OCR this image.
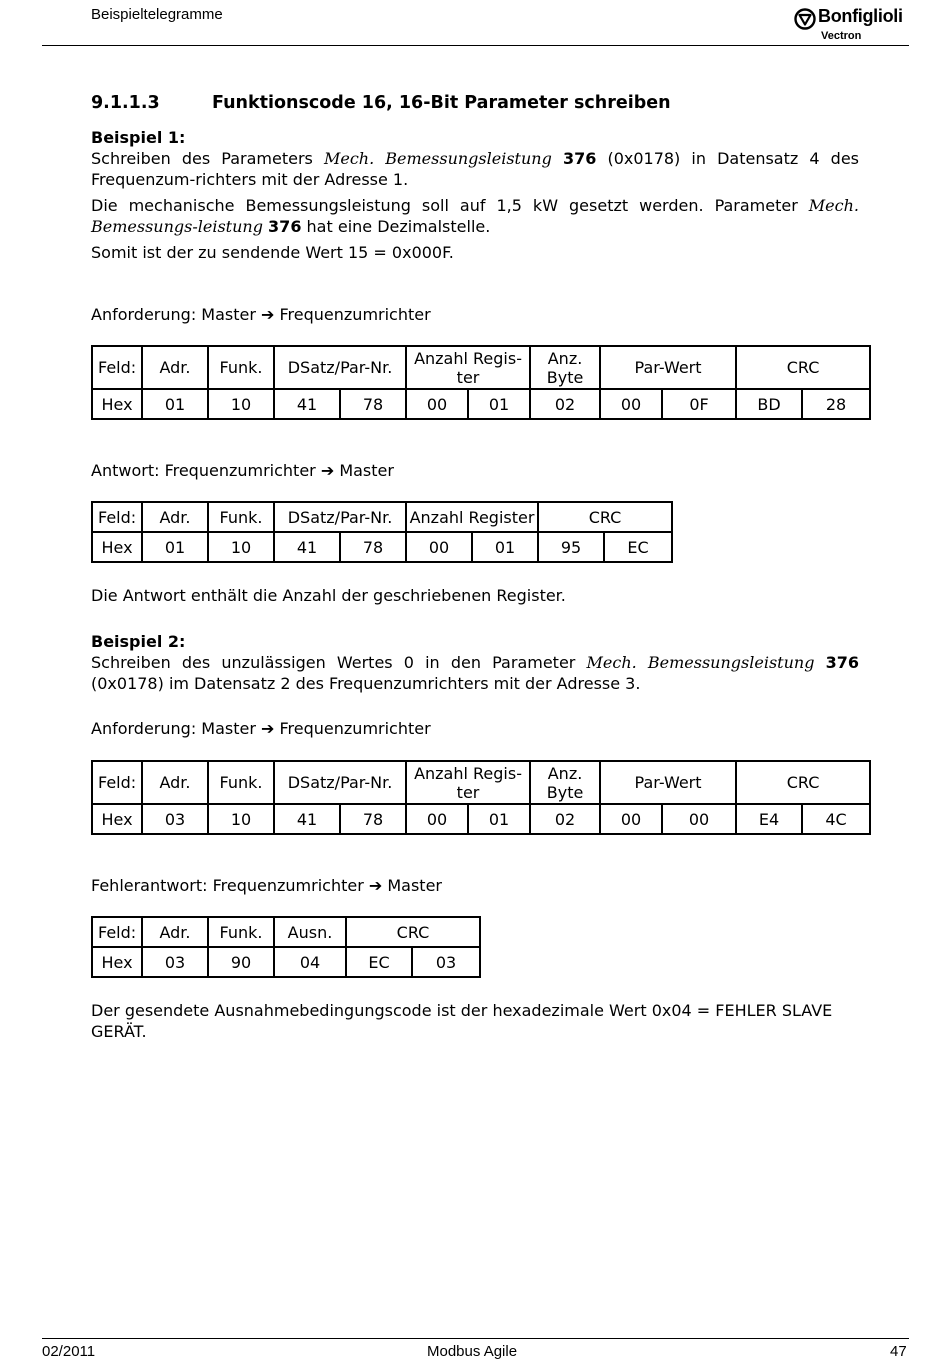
Beispieltelegramme	Bonfiglioli
Vectron
9.1.1.3	Funktionscode 16, 16-Bit Parameter schreiben
Beispiel 1:
Schreiben des Parameters Mech. Bemessungsleistung 376 (0x0178) in Datensatz 4 des Frequenzum-richters mit der Adresse 1.
Die mechanische Bemessungsleistung soll auf 1,5 kW gesetzt werden. Parameter Mech. Bemessungs-leistung 376 hat eine Dezimalstelle.
Somit ist der zu sendende Wert 15 = 0x000F.
Anforderung: Master ➔ Frequenzumrichter
Feld:	Adr.	Funk.	DSatz/Par-Nr.		Anzahl Regis-ter		Anz. Byte	Par-Wert		CRC	
Hex	01	10	41	78	00	01	02	00	0F	BD	28
Antwort: Frequenzumrichter ➔ Master
Feld:	Adr.	Funk.	DSatz/Par-Nr.		Anzahl Register		CRC	
Hex	01	10	41	78	00	01	95	EC
Die Antwort enthält die Anzahl der geschriebenen Register.
Beispiel 2:
Schreiben des unzulässigen Wertes 0 in den Parameter Mech. Bemessungsleistung 376 (0x0178) im Datensatz 2 des Frequenzumrichters mit der Adresse 3.
Anforderung: Master ➔ Frequenzumrichter
Feld:	Adr.	Funk.	DSatz/Par-Nr.		Anzahl Regis-ter		Anz. Byte	Par-Wert		CRC	
Hex	03	10	41	78	00	01	02	00	00	E4	4C
Fehlerantwort: Frequenzumrichter ➔ Master
Feld:	Adr.	Funk.	Ausn.	CRC	
Hex	03	90	04	EC	03
Der gesendete Ausnahmebedingungscode ist der hexadezimale Wert 0x04 = FEHLER SLAVE GERÄT.
02/2011	Modbus Agile	47
